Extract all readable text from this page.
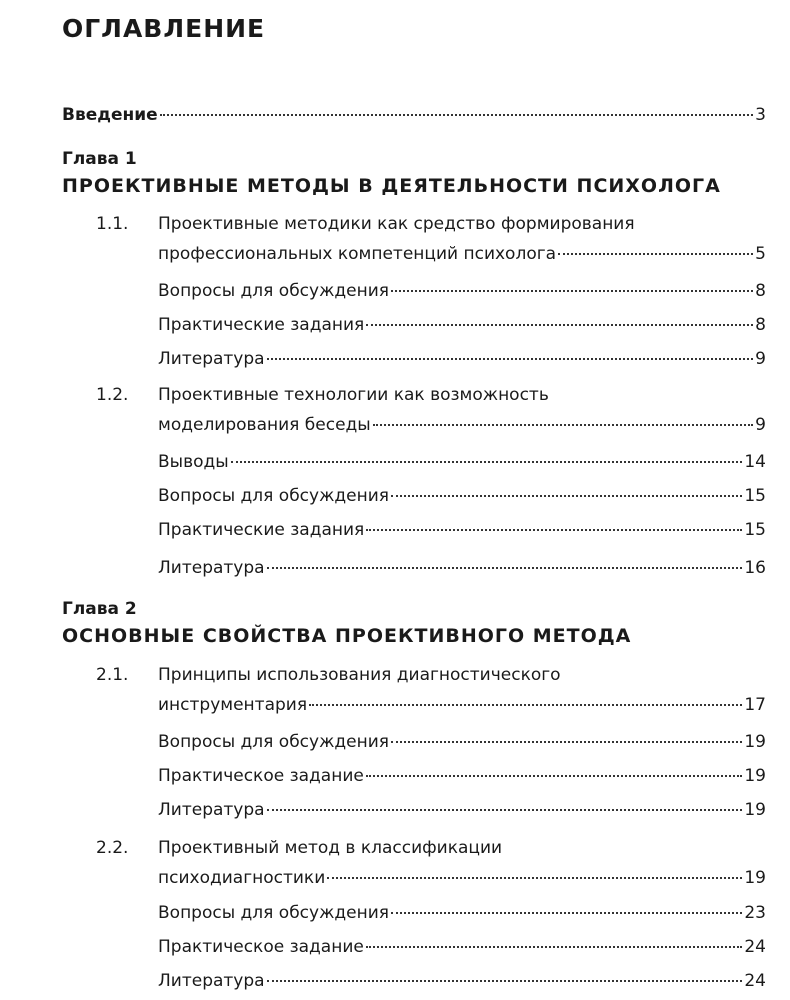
ОГЛАВЛЕНИЕ
Введение	3
Глава 1
ПРОЕКТИВНЫЕ МЕТОДЫ В ДЕЯТЕЛЬНОСТИ ПСИХОЛОГА
1.1. Проективные методики как средство формирования
профессиональных компетенций психолога	5
Вопросы для обсуждения	8
Практические задания	8
Литература	9
1.2. Проективные технологии как возможность
моделирования беседы	9
Выводы	14
Вопросы для обсуждения	15
Практические задания	15
Литература	16
Глава 2
ОСНОВНЫЕ СВОЙСТВА ПРОЕКТИВНОГО МЕТОДА
2.1. Принципы использования диагностического
инструментария	17
Вопросы для обсуждения	19
Практическое задание	19
Литература	19
2.2. Проективный метод в классификации
психодиагностики	19
Вопросы для обсуждения	23
Практическое задание	24
Литература	24
